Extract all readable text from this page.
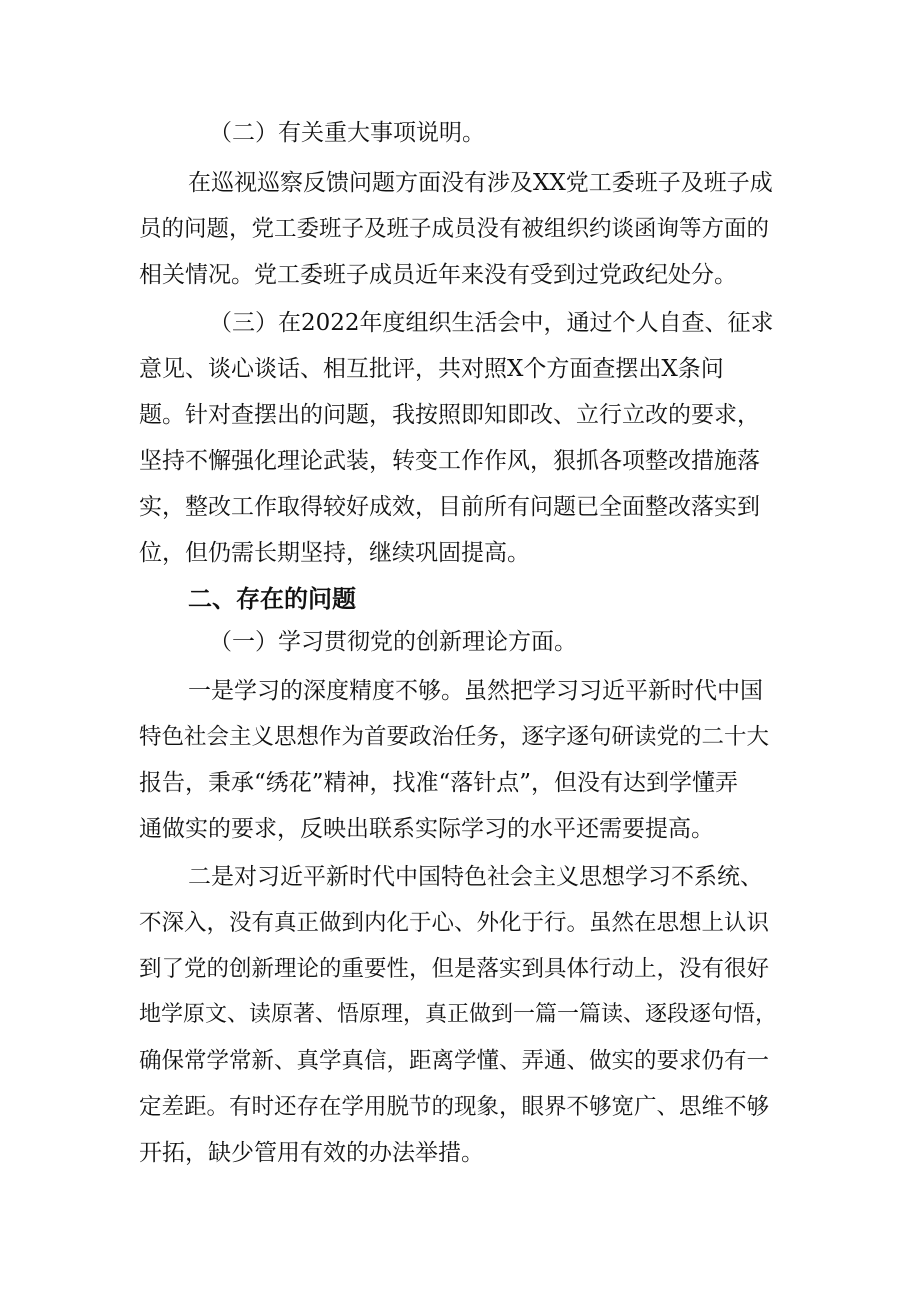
（二）有关重大事项说明。
在巡视巡察反馈问题方面没有涉及XX党工委班子及班子成
员的问题，党工委班子及班子成员没有被组织约谈函询等方面的
相关情况。党工委班子成员近年来没有受到过党政纪处分。
（三）在2022年度组织生活会中，通过个人自查、征求
意见、谈心谈话、相互批评，共对照X个方面查摆出X条问
题。针对查摆出的问题，我按照即知即改、立行立改的要求，
坚持不懈强化理论武装，转变工作作风，狠抓各项整改措施落
实，整改工作取得较好成效，目前所有问题已全面整改落实到
位，但仍需长期坚持，继续巩固提高。
二、存在的问题
（一）学习贯彻党的创新理论方面。
一是学习的深度精度不够。虽然把学习习近平新时代中国
特色社会主义思想作为首要政治任务，逐字逐句研读党的二十大
报告，秉承“绣花”精神，找准“落针点”，但没有达到学懂弄
通做实的要求，反映出联系实际学习的水平还需要提高。
二是对习近平新时代中国特色社会主义思想学习不系统、
不深入，没有真正做到内化于心、外化于行。虽然在思想上认识
到了党的创新理论的重要性，但是落实到具体行动上，没有很好
地学原文、读原著、悟原理，真正做到一篇一篇读、逐段逐句悟，
确保常学常新、真学真信，距离学懂、弄通、做实的要求仍有一
定差距。有时还存在学用脱节的现象，眼界不够宽广、思维不够
开拓，缺少管用有效的办法举措。
